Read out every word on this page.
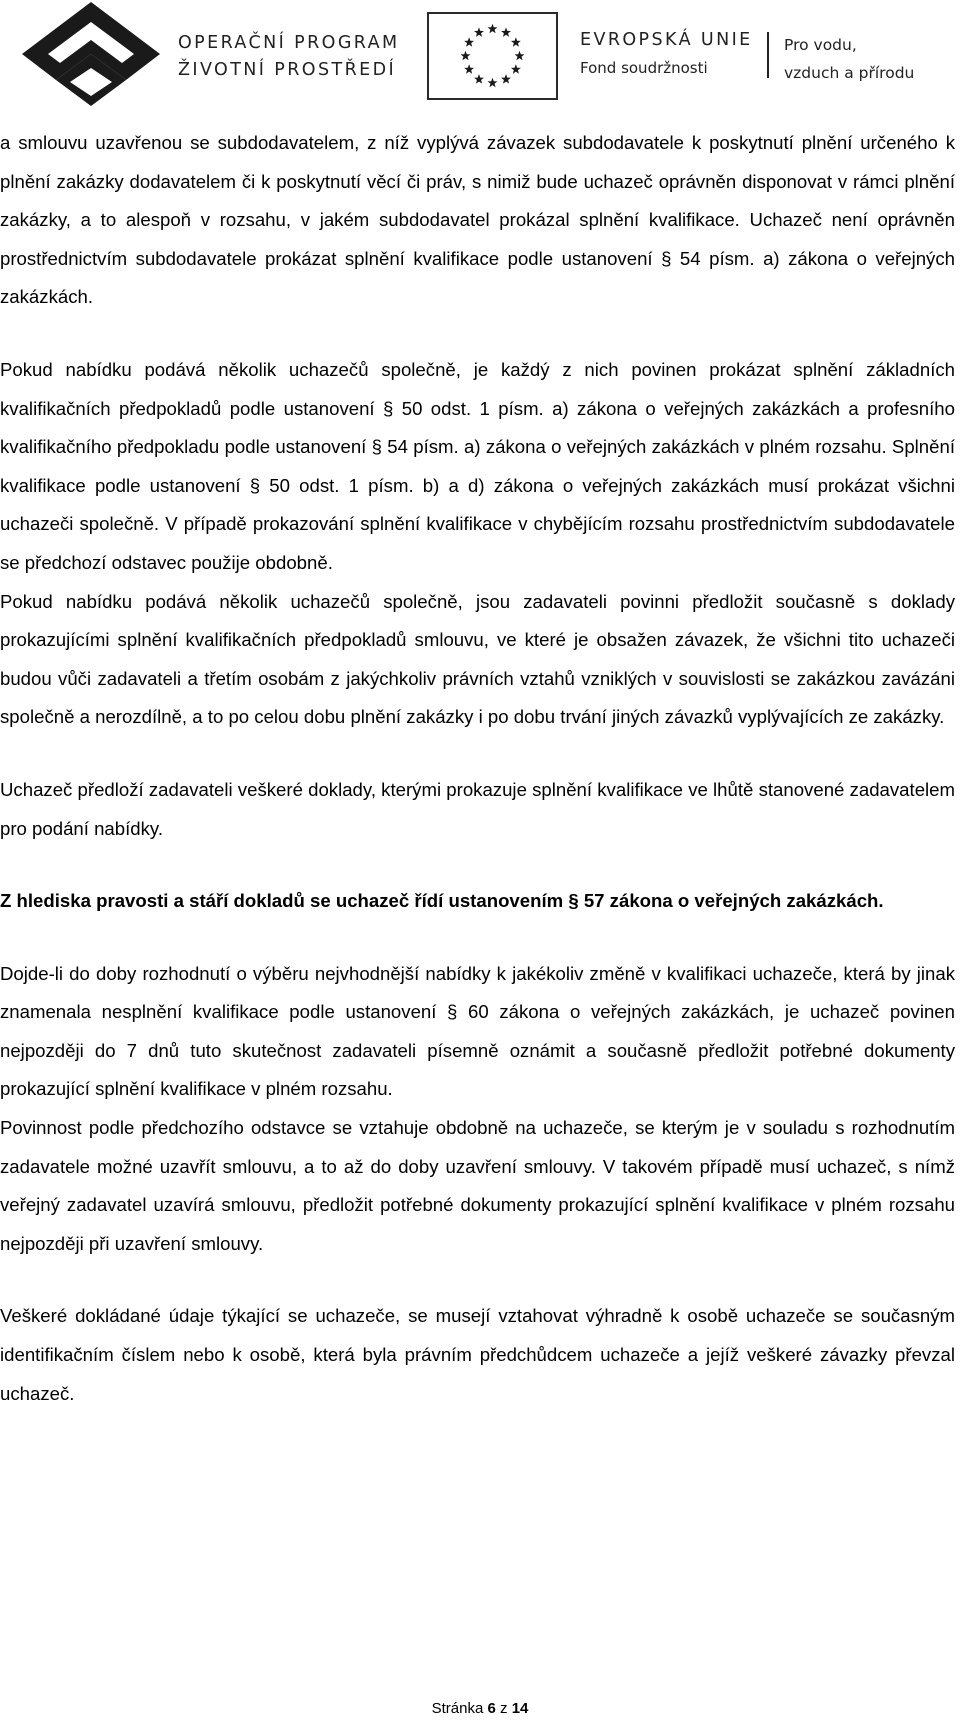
OPERAČNÍ PROGRAM
ŽIVOTNÍ PROSTŘEDÍ
EVROPSKÁ UNIE
Fond soudržnosti
Pro vodu,
vzduch a přírodu

a smlouvu uzavřenou se subdodavatelem, z níž vyplývá závazek subdodavatele k poskytnutí plnění určeného k plnění zakázky dodavatelem či k poskytnutí věcí či práv, s nimiž bude uchazeč oprávněn disponovat v rámci plnění zakázky, a to alespoň v rozsahu, v jakém subdodavatel prokázal splnění kvalifikace. Uchazeč není oprávněn prostřednictvím subdodavatele prokázat splnění kvalifikace podle ustanovení § 54 písm. a) zákona o veřejných zakázkách.

Pokud nabídku podává několik uchazečů společně, je každý z nich povinen prokázat splnění základních kvalifikačních předpokladů podle ustanovení § 50 odst. 1 písm. a) zákona o veřejných zakázkách a profesního kvalifikačního předpokladu podle ustanovení § 54 písm. a) zákona o veřejných zakázkách v plném rozsahu. Splnění kvalifikace podle ustanovení § 50 odst. 1 písm. b) a d) zákona o veřejných zakázkách musí prokázat všichni uchazeči společně. V případě prokazování splnění kvalifikace v chybějícím rozsahu prostřednictvím subdodavatele se předchozí odstavec použije obdobně.

Pokud nabídku podává několik uchazečů společně, jsou zadavateli povinni předložit současně s doklady prokazujícími splnění kvalifikačních předpokladů smlouvu, ve které je obsažen závazek, že všichni tito uchazeči budou vůči zadavateli a třetím osobám z jakýchkoliv právních vztahů vzniklých v souvislosti se zakázkou zavázáni společně a nerozdílně, a to po celou dobu plnění zakázky i po dobu trvání jiných závazků vyplývajících ze zakázky.

Uchazeč předloží zadavateli veškeré doklady, kterými prokazuje splnění kvalifikace ve lhůtě stanovené zadavatelem pro podání nabídky.

Z hlediska pravosti a stáří dokladů se uchazeč řídí ustanovením § 57 zákona o veřejných zakázkách.

Dojde-li do doby rozhodnutí o výběru nejvhodnější nabídky k jakékoliv změně v kvalifikaci uchazeče, která by jinak znamenala nesplnění kvalifikace podle ustanovení § 60 zákona o veřejných zakázkách, je uchazeč povinen nejpozději do 7 dnů tuto skutečnost zadavateli písemně oznámit a současně předložit potřebné dokumenty prokazující splnění kvalifikace v plném rozsahu.

Povinnost podle předchozího odstavce se vztahuje obdobně na uchazeče, se kterým je v souladu s rozhodnutím zadavatele možné uzavřít smlouvu, a to až do doby uzavření smlouvy. V takovém případě musí uchazeč, s nímž veřejný zadavatel uzavírá smlouvu, předložit potřebné dokumenty prokazující splnění kvalifikace v plném rozsahu nejpozději při uzavření smlouvy.

Veškeré dokládané údaje týkající se uchazeče, se musejí vztahovat výhradně k osobě uchazeče se současným identifikačním číslem nebo k osobě, která byla právním předchůdcem uchazeče a jejíž veškeré závazky převzal uchazeč.

Stránka 6 z 14
